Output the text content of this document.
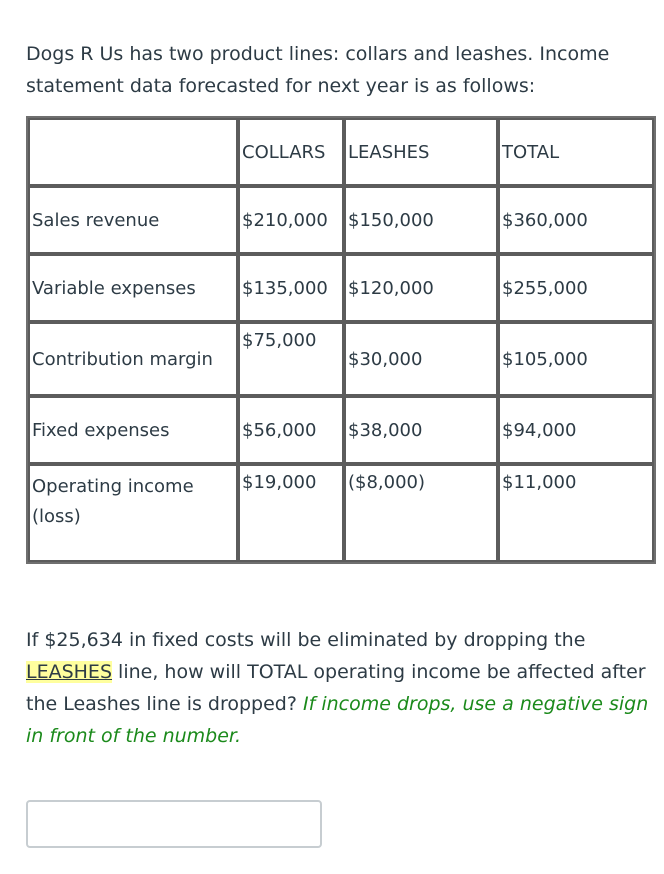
Dogs R Us has two product lines: collars and leashes. Income statement data forecasted for next year is as follows:
	COLLARS	LEASHES	TOTAL
Sales revenue	$210,000	$150,000	$360,000
Variable expenses	$135,000	$120,000	$255,000
Contribution margin	$75,000	$30,000	$105,000
Fixed expenses	$56,000	$38,000	$94,000
Operating income (loss)	$19,000	($8,000)	$11,000
If $25,634 in fixed costs will be eliminated by dropping the LEASHES line, how will TOTAL operating income be affected after the Leashes line is dropped? If income drops, use a negative sign in front of the number.
